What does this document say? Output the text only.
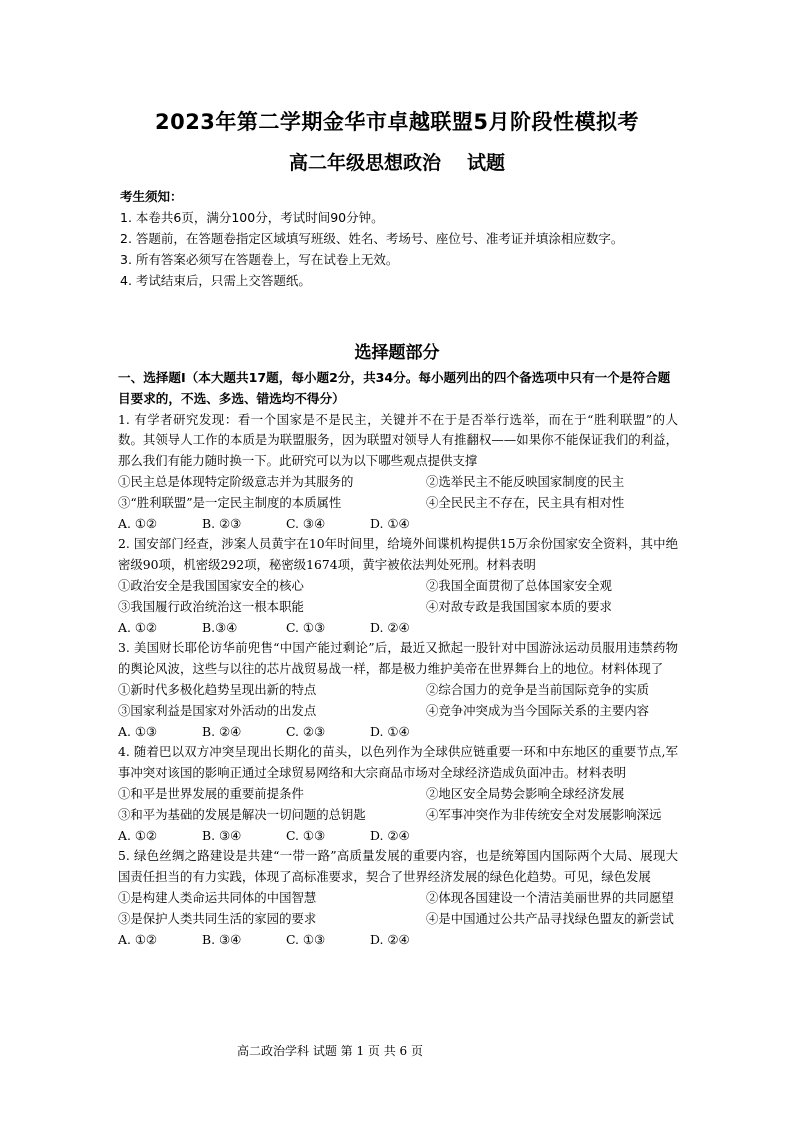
2023年第二学期金华市卓越联盟5月阶段性模拟考
高二年级思想政治 试题
考生须知：
1. 本卷共6页，满分100分，考试时间90分钟。
2. 答题前，在答题卷指定区域填写班级、姓名、考场号、座位号、准考证并填涂相应数字。
3. 所有答案必须写在答题卷上，写在试卷上无效。
4. 考试结束后，只需上交答题纸。
选择题部分
一、选择题Ⅰ（本大题共17题，每小题2分，共34分。每小题列出的四个备选项中只有一个是符合题目要求的，不选、多选、错选均不得分）
1. 有学者研究发现：看一个国家是不是民主，关键并不在于是否举行选举，而在于“胜利联盟”的人数。其领导人工作的本质是为联盟服务，因为联盟对领导人有推翻权——如果你不能保证我们的利益，那么我们有能力随时换一下。此研究可以为以下哪些观点提供支撑
①民主总是体现特定阶级意志并为其服务的	②选举民主不能反映国家制度的民主
③“胜利联盟”是一定民主制度的本质属性	④全民民主不存在，民主具有相对性
A. ①②	B. ②③	C. ③④	D. ①④
2. 国安部门经查，涉案人员黄宇在10年时间里，给境外间谍机构提供15万余份国家安全资料，其中绝密级90项，机密级292项，秘密级1674项，黄宇被依法判处死刑。材料表明
①政治安全是我国国家安全的核心	②我国全面贯彻了总体国家安全观
③我国履行政治统治这一根本职能	④对敌专政是我国国家本质的要求
A. ①②	B.③④	C. ①③	D. ②④
3. 美国财长耶伦访华前兜售“中国产能过剩论”后，最近又掀起一股针对中国游泳运动员服用违禁药物的舆论风波，这些与以往的芯片战贸易战一样，都是极力维护美帝在世界舞台上的地位。材料体现了
①新时代多极化趋势呈现出新的特点	②综合国力的竞争是当前国际竞争的实质
③国家利益是国家对外活动的出发点	④竞争冲突成为当今国际关系的主要内容
A. ①③	B. ②④	C. ②③	D. ①④
4. 随着巴以双方冲突呈现出长期化的苗头，以色列作为全球供应链重要一环和中东地区的重要节点,军事冲突对该国的影响正通过全球贸易网络和大宗商品市场对全球经济造成负面冲击。材料表明
①和平是世界发展的重要前提条件	②地区安全局势会影响全球经济发展
③和平为基础的发展是解决一切问题的总钥匙	④军事冲突作为非传统安全对发展影响深远
A. ①②	B. ③④	C. ①③	D. ②④
5. 绿色丝绸之路建设是共建“一带一路”高质量发展的重要内容，也是统筹国内国际两个大局、展现大国责任担当的有力实践，体现了高标准要求，契合了世界经济发展的绿色化趋势。可见，绿色发展
①是构建人类命运共同体的中国智慧	②体现各国建设一个清洁美丽世界的共同愿望
③是保护人类共同生活的家园的要求	④是中国通过公共产品寻找绿色盟友的新尝试
A. ①②	B. ③④	C. ①③	D. ②④
高二政治学科 试题 第 1 页 共 6 页
